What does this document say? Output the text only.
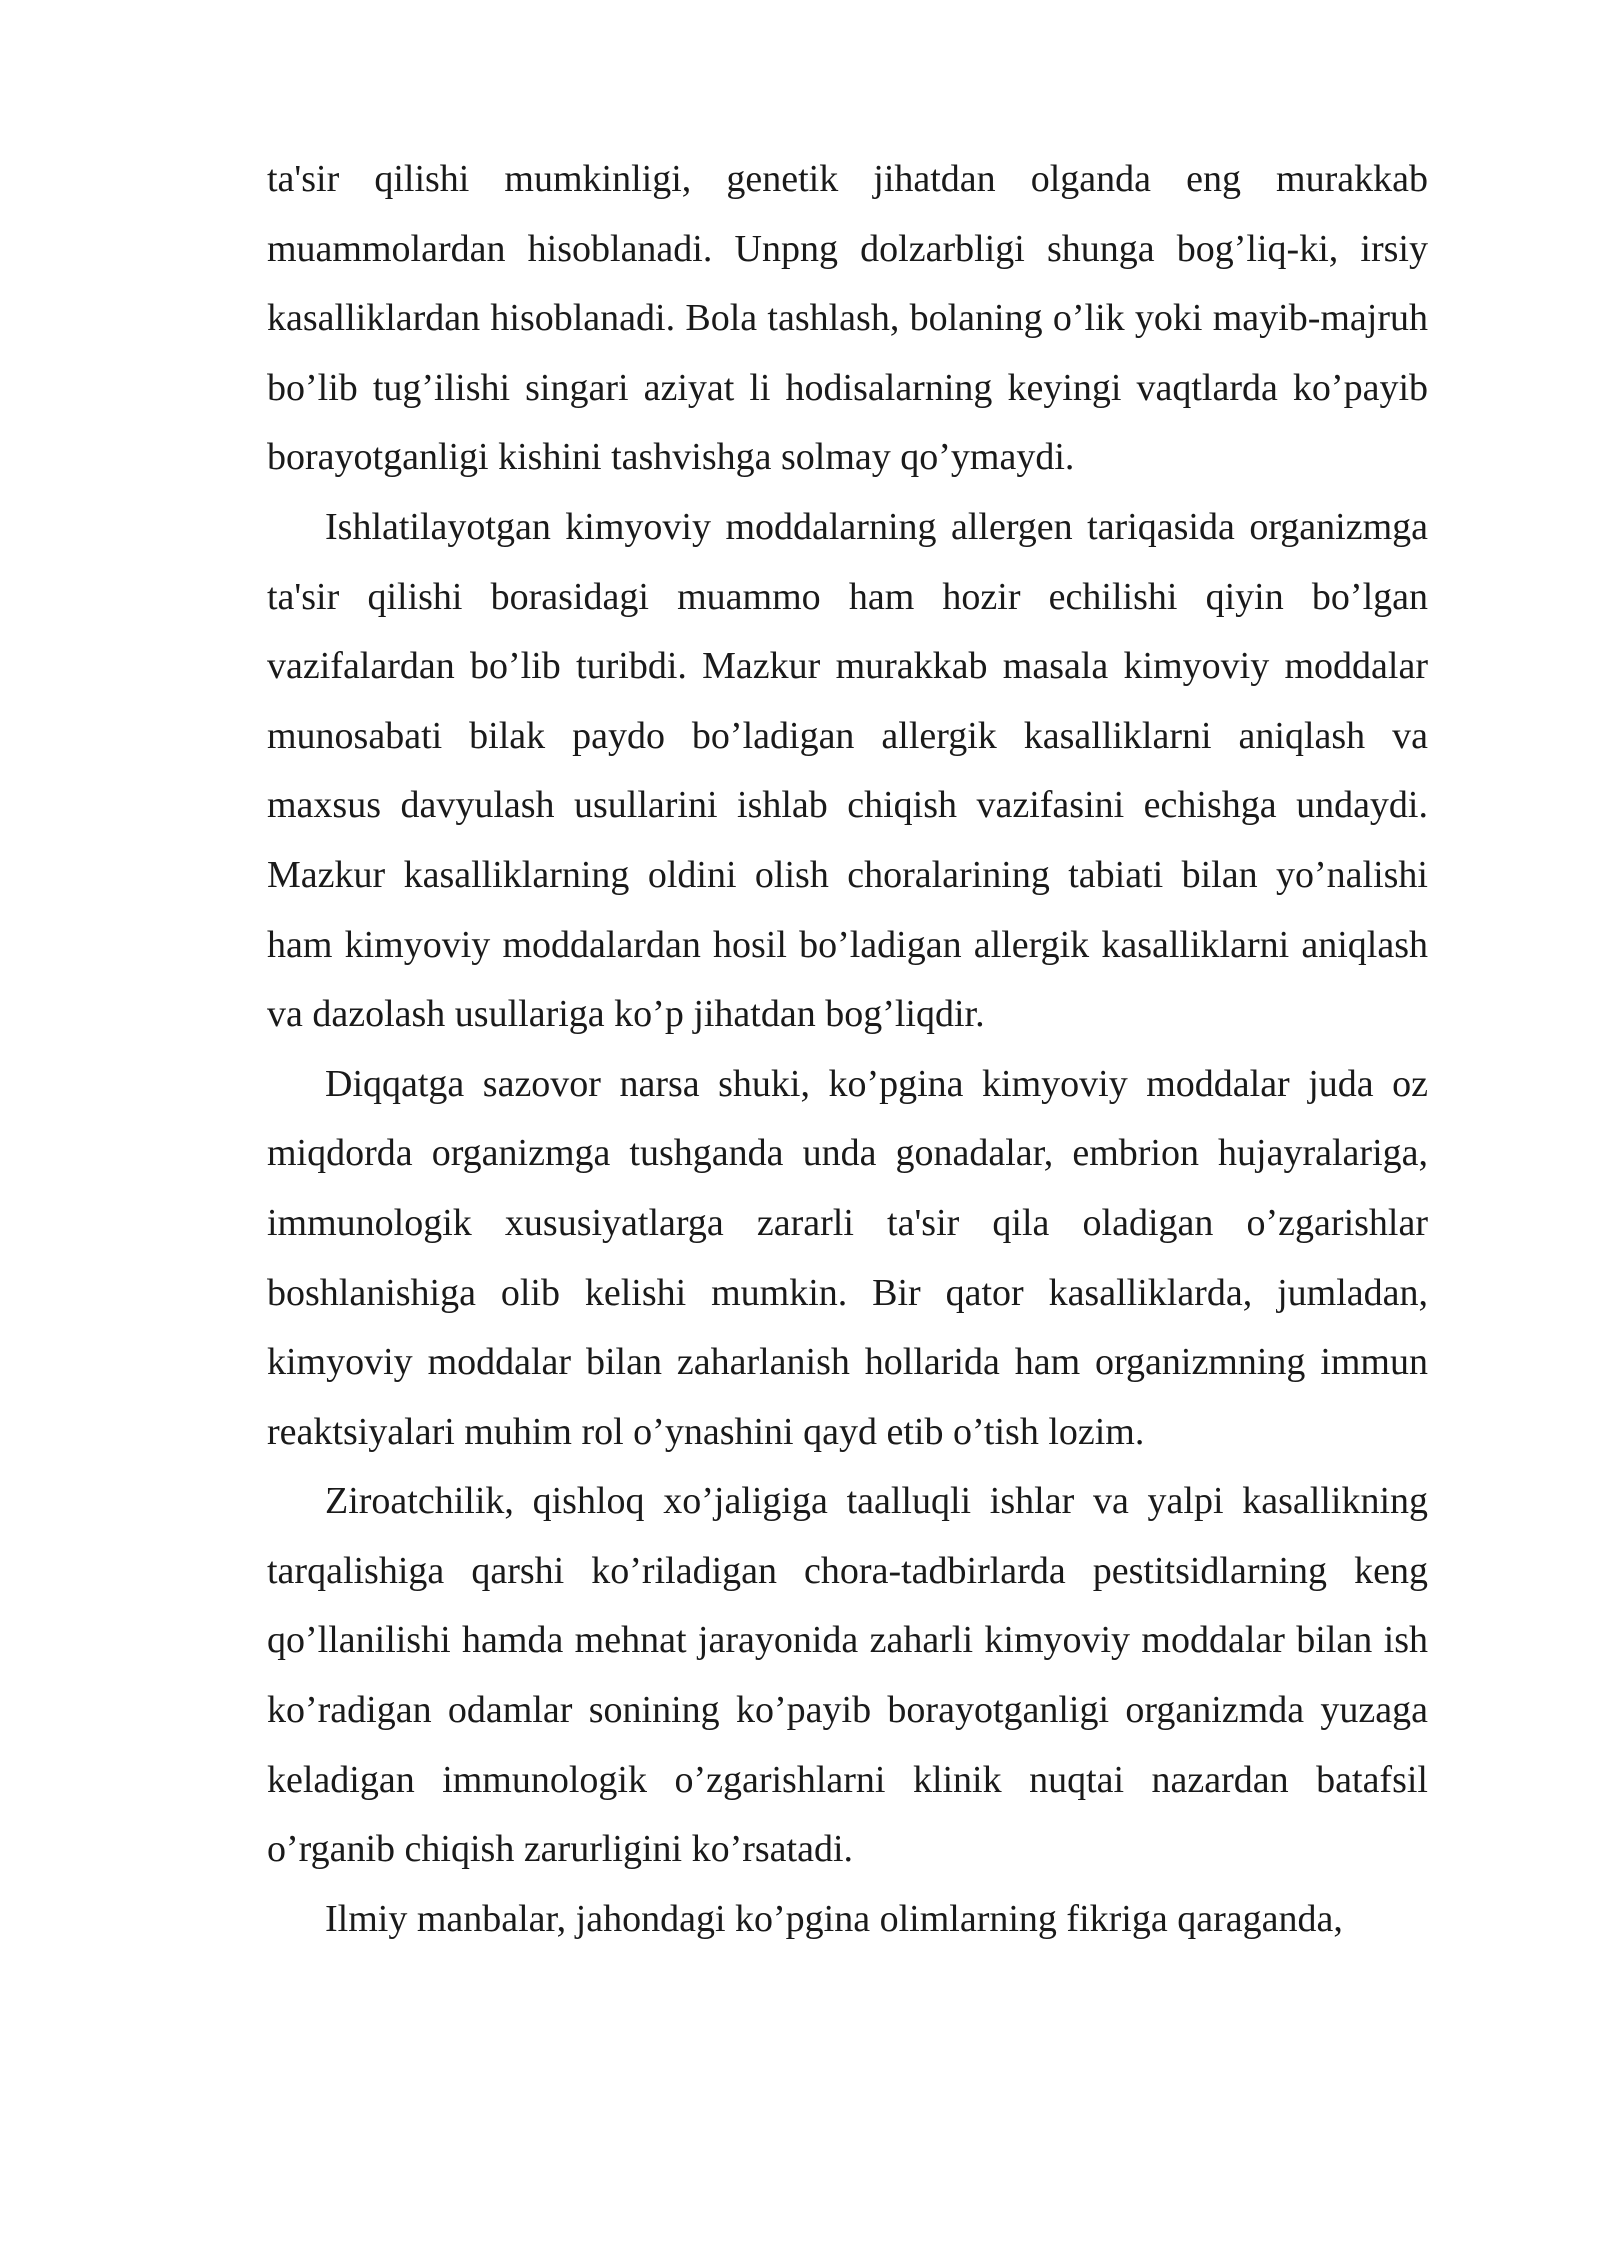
ta'sir qilishi mumkinligi, genetik jihatdan olganda eng murakkab muammolardan hisoblanadi. Unpng dolzarbligi shunga bog’liq-ki, irsiy kasalliklardan hisoblanadi. Bola tashlash, bolaning o’lik yoki mayib-majruh bo’lib tug’ilishi singari aziyat li hodisalarning keyingi vaqtlarda ko’payib borayotganligi kishini tashvishga solmay qo’ymaydi.

Ishlatilayotgan kimyoviy moddalarning allergen tariqasida organizmga ta'sir qilishi borasidagi muammo ham hozir echilishi qiyin bo’lgan vazifalardan bo’lib turibdi. Mazkur murakkab masala kimyoviy moddalar munosabati bilak paydo bo’ladigan allergik kasalliklarni aniqlash va maxsus davyulash usullarini ishlab chiqish vazifasini echishga undaydi. Mazkur kasalliklarning oldini olish choralarining tabiati bilan yo’nalishi ham kimyoviy moddalardan hosil bo’ladigan allergik kasalliklarni aniqlash va dazolash usullariga ko’p jihatdan bog’liqdir.

Diqqatga sazovor narsa shuki, ko’pgina kimyoviy moddalar juda oz miqdorda organizmga tushganda unda gonadalar, embrion hujayralariga, immunologik xususiyatlarga zararli ta'sir qila oladigan o’zgarishlar boshlanishiga olib kelishi mumkin. Bir qator kasalliklarda, jumladan, kimyoviy moddalar bilan zaharlanish hollarida ham organizmning immun reaktsiyalari muhim rol o’ynashini qayd etib o’tish lozim.

Ziroatchilik, qishloq xo’jaligiga taalluqli ishlar va yalpi kasallikning tarqalishiga qarshi ko’riladigan chora-tadbirlarda pestitsidlarning keng qo’llanilishi hamda mehnat jarayonida zaharli kimyoviy moddalar bilan ish ko’radigan odamlar sonining ko’payib borayotganligi organizmda yuzaga keladigan immunologik o’zgarishlarni klinik nuqtai nazardan batafsil o’rganib chiqish zarurligini ko’rsatadi.

Ilmiy manbalar, jahondagi ko’pgina olimlarning fikriga qaraganda,
